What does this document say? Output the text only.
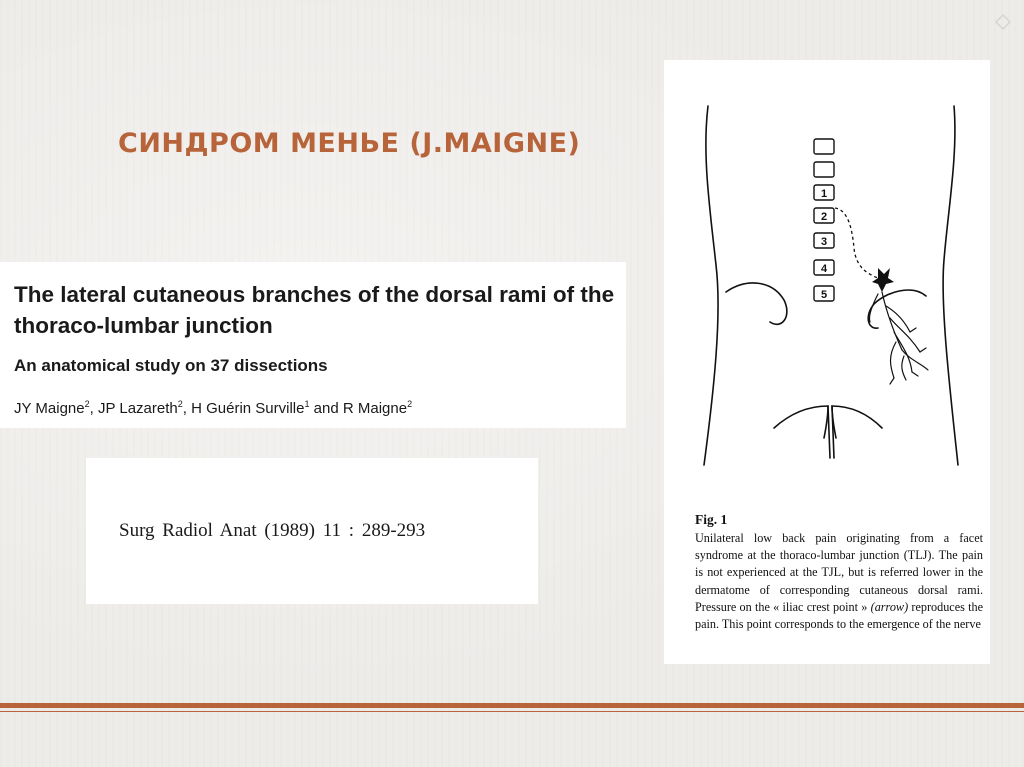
СИНДРОМ МЕНЬЕ (J.MAIGNE)

The lateral cutaneous branches of the dorsal rami of the thoraco-lumbar junction

An anatomical study on 37 dissections

JY Maigne$^2$, JP Lazareth$^2$, H Guérin Surville$^1$ and R Maigne$^2$

Surg Radiol Anat (1989) 11 : 289-293

1
2
3
4
5

Fig. 1

Unilateral low back pain originating from a facet syndrome at the thoraco-lumbar junction (TLJ). The pain is not experienced at the TJL, but is referred lower in the dermatome of corresponding cutaneous dorsal rami. Pressure on the « iliac crest point » (arrow) reproduces the pain. This point corresponds to the emergence of the nerve
